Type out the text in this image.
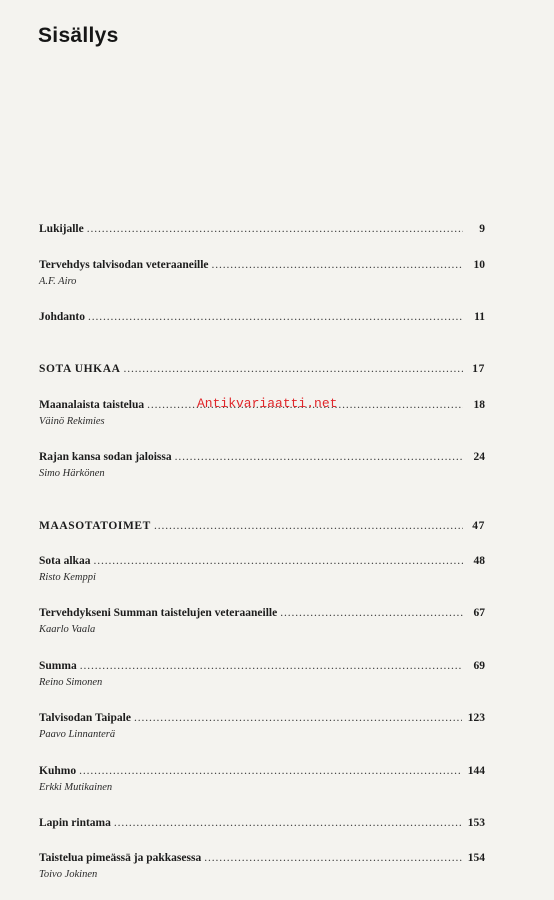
Sisällys
Lukijalle . . .	9
Tervehdys talvisodan veteraaneille . . .	10
A.F. Airo
Johdanto . . .	11
SOTA UHKAA . . .	17
Maanalaista taistelua . . .	18
Väinö Rekimies
Rajan kansa sodan jaloissa . . .	24
Simo Härkönen
MAASOTATOIMET . . .	47
Sota alkaa . . .	48
Risto Kemppi
Tervehdykseni Summan taistelujen veteraaneille . . .	67
Kaarlo Vaala
Summa . . .	69
Reino Simonen
Talvisodan Taipale . . .	123
Paavo Linnanterä
Kuhmo . . .	144
Erkki Mutikainen
Lapin rintama . . .	153
Taistelua pimeässä ja pakkasessa . . .	154
Toivo Jokinen
Antikvariaatti.net
